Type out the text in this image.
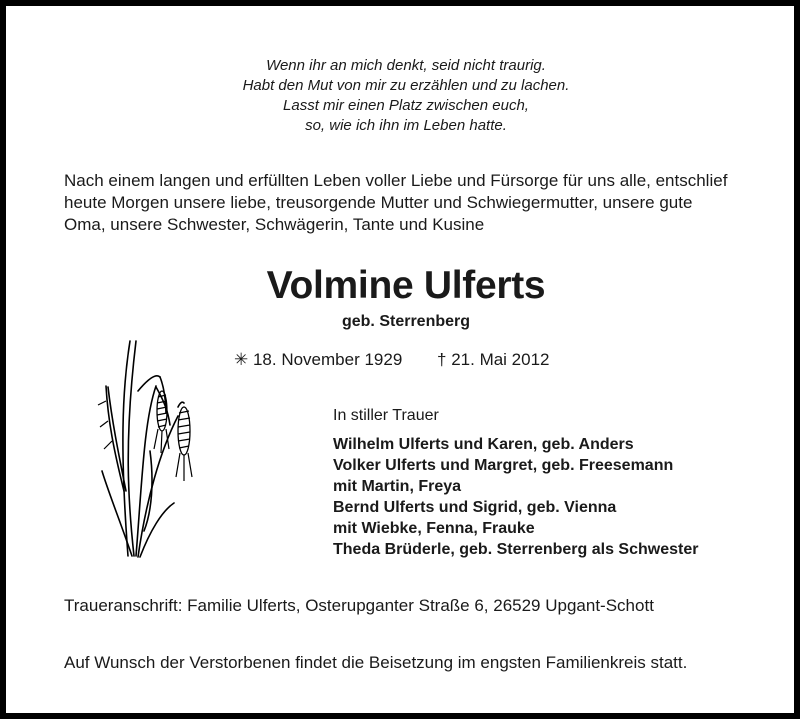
Wenn ihr an mich denkt, seid nicht traurig.
Habt den Mut von mir zu erzählen und zu lachen.
Lasst mir einen Platz zwischen euch,
so, wie ich ihn im Leben hatte.
Nach einem langen und erfüllten Leben voller Liebe und Fürsorge für uns alle, entschlief
heute Morgen unsere liebe, treusorgende Mutter und Schwiegermutter, unsere gute
Oma, unsere Schwester, Schwägerin, Tante und Kusine
Volmine Ulferts
geb. Sterrenberg
✳ 18. November 1929 † 21. Mai 2012
In stiller Trauer
Wilhelm Ulferts und Karen, geb. Anders
Volker Ulferts und Margret, geb. Freesemann
mit Martin, Freya
Bernd Ulferts und Sigrid, geb. Vienna
mit Wiebke, Fenna, Frauke
Theda Brüderle, geb. Sterrenberg als Schwester
Traueranschrift: Familie Ulferts, Osterupganter Straße 6, 26529 Upgant-Schott
Auf Wunsch der Verstorbenen findet die Beisetzung im engsten Familienkreis statt.
